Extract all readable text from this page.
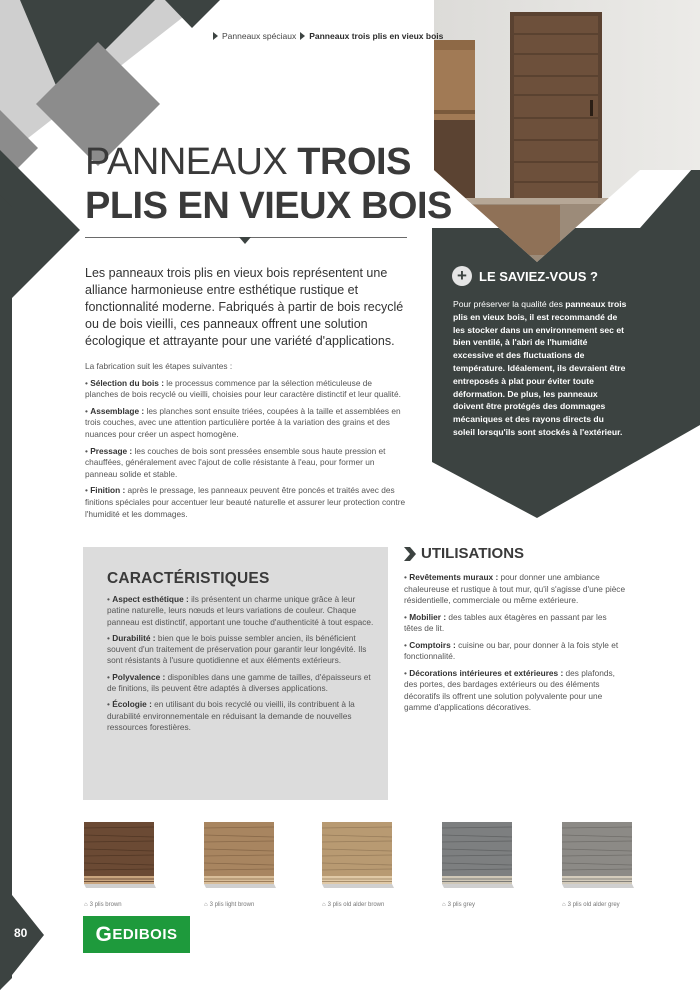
Panneaux spéciaux Panneaux trois plis en vieux bois
PANNEAUX TROIS
PLIS EN VIEUX BOIS

Les panneaux trois plis en vieux bois représentent une alliance harmonieuse entre esthétique rustique et fonctionnalité moderne. Fabriqués à partir de bois recyclé ou de bois vieilli, ces panneaux offrent une solution écologique et attrayante pour une variété d'applications.

La fabrication suit les étapes suivantes :

• Sélection du bois : le processus commence par la sélection méticuleuse de planches de bois recyclé ou vieilli, choisies pour leur caractère distinctif et leur qualité.
• Assemblage : les planches sont ensuite triées, coupées à la taille et assemblées en trois couches, avec une attention particulière portée à la variation des grains et des nuances pour créer un aspect homogène.
• Pressage : les couches de bois sont pressées ensemble sous haute pression et chauffées, généralement avec l'ajout de colle résistante à l'eau, pour former un panneau solide et stable.
• Finition : après le pressage, les panneaux peuvent être poncés et traités avec des finitions spéciales pour accentuer leur beauté naturelle et assurer leur protection contre l'humidité et les dommages.
+ LE SAVIEZ-VOUS ?

Pour préserver la qualité des panneaux trois plis en vieux bois, il est recommandé de les stocker dans un environnement sec et bien ventilé, à l'abri de l'humidité excessive et des fluctuations de température. Idéalement, ils devraient être entreposés à plat pour éviter toute déformation. De plus, les panneaux doivent être protégés des dommages mécaniques et des rayons directs du soleil lorsqu'ils sont stockés à l'extérieur.

CARACTÉRISTIQUES
• Aspect esthétique : ils présentent un charme unique grâce à leur patine naturelle, leurs nœuds et leurs variations de couleur. Chaque panneau est distinctif, apportant une touche d'authenticité à tout espace.
• Durabilité : bien que le bois puisse sembler ancien, ils bénéficient souvent d'un traitement de préservation pour garantir leur longévité. Ils sont résistants à l'usure quotidienne et aux éléments extérieurs.
• Polyvalence : disponibles dans une gamme de tailles, d'épaisseurs et de finitions, ils peuvent être adaptés à diverses applications.
• Écologie : en utilisant du bois recyclé ou vieilli, ils contribuent à la durabilité environnementale en réduisant la demande de nouvelles ressources forestières.
UTILISATIONS
• Revêtements muraux : pour donner une ambiance chaleureuse et rustique à tout mur, qu'il s'agisse d'une pièce résidentielle, commerciale ou même extérieure.
• Mobilier : des tables aux étagères en passant par les têtes de lit.
• Comptoirs : cuisine ou bar, pour donner à la fois style et fonctionnalité.
• Décorations intérieures et extérieures : des plafonds, des portes, des bardages extérieurs ou des éléments décoratifs ils offrent une solution polyvalente pour une gamme d'applications décoratives.
⌂ 3 plis brown	⌂ 3 plis light brown	⌂ 3 plis old alder brown	⌂ 3 plis grey	⌂ 3 plis old alder grey
80	G EDIBOIS
